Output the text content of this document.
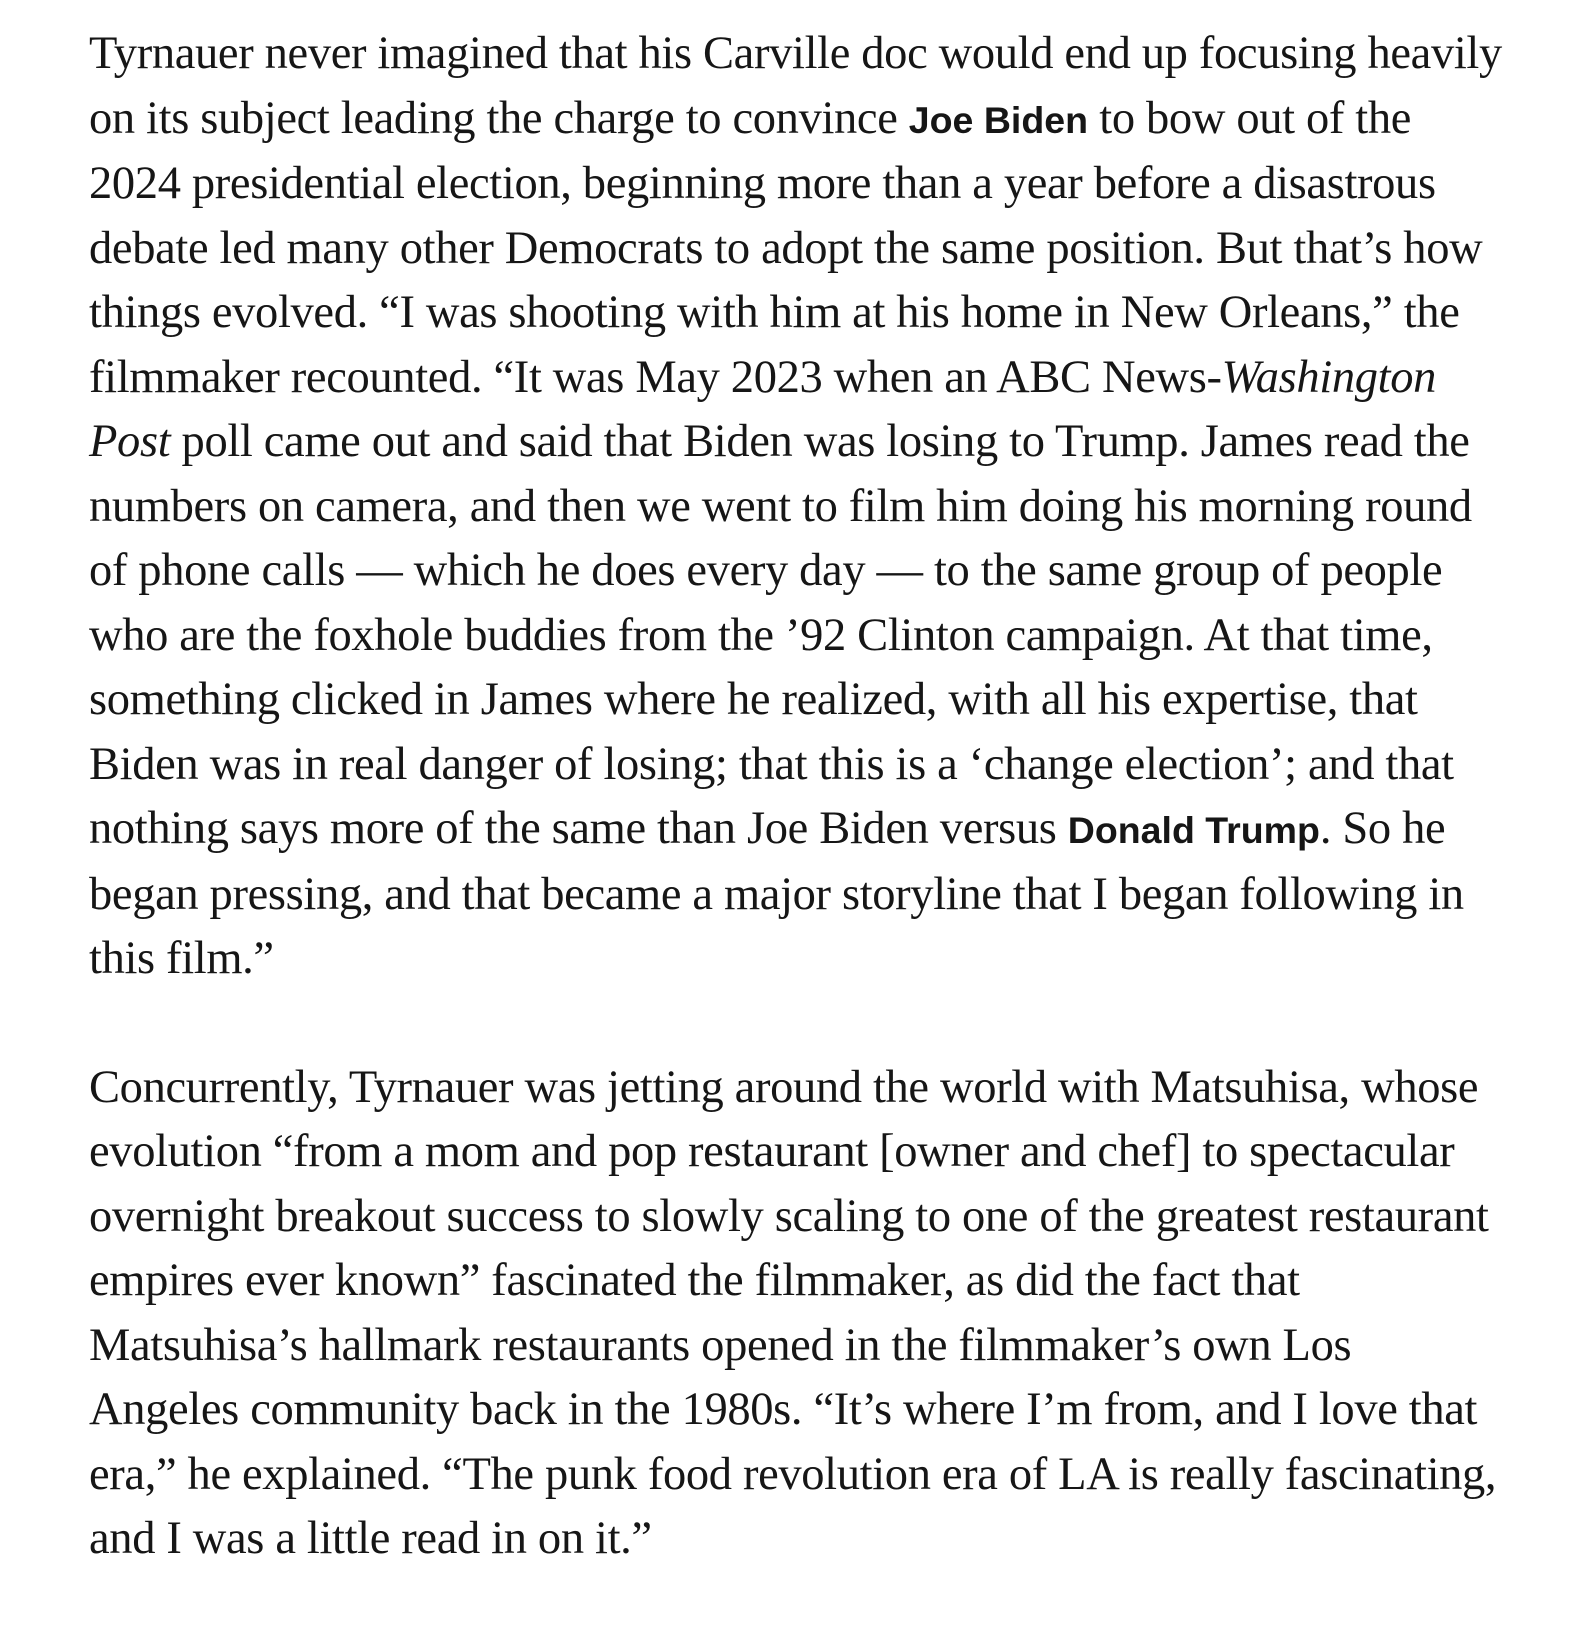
Tyrnauer never imagined that his Carville doc would end up focusing heavily on its subject leading the charge to convince Joe Biden to bow out of the 2024 presidential election, beginning more than a year before a disastrous debate led many other Democrats to adopt the same position. But that’s how things evolved. “I was shooting with him at his home in New Orleans,” the filmmaker recounted. “It was May 2023 when an ABC News-Washington Post poll came out and said that Biden was losing to Trump. James read the numbers on camera, and then we went to film him doing his morning round of phone calls — which he does every day — to the same group of people who are the foxhole buddies from the ’92 Clinton campaign. At that time, something clicked in James where he realized, with all his expertise, that Biden was in real danger of losing; that this is a ‘change election’; and that nothing says more of the same than Joe Biden versus Donald Trump. So he began pressing, and that became a major storyline that I began following in this film.”

Concurrently, Tyrnauer was jetting around the world with Matsuhisa, whose evolution “from a mom and pop restaurant [owner and chef] to spectacular overnight breakout success to slowly scaling to one of the greatest restaurant empires ever known” fascinated the filmmaker, as did the fact that Matsuhisa’s hallmark restaurants opened in the filmmaker’s own Los Angeles community back in the 1980s. “It’s where I’m from, and I love that era,” he explained. “The punk food revolution era of LA is really fascinating, and I was a little read in on it.”
